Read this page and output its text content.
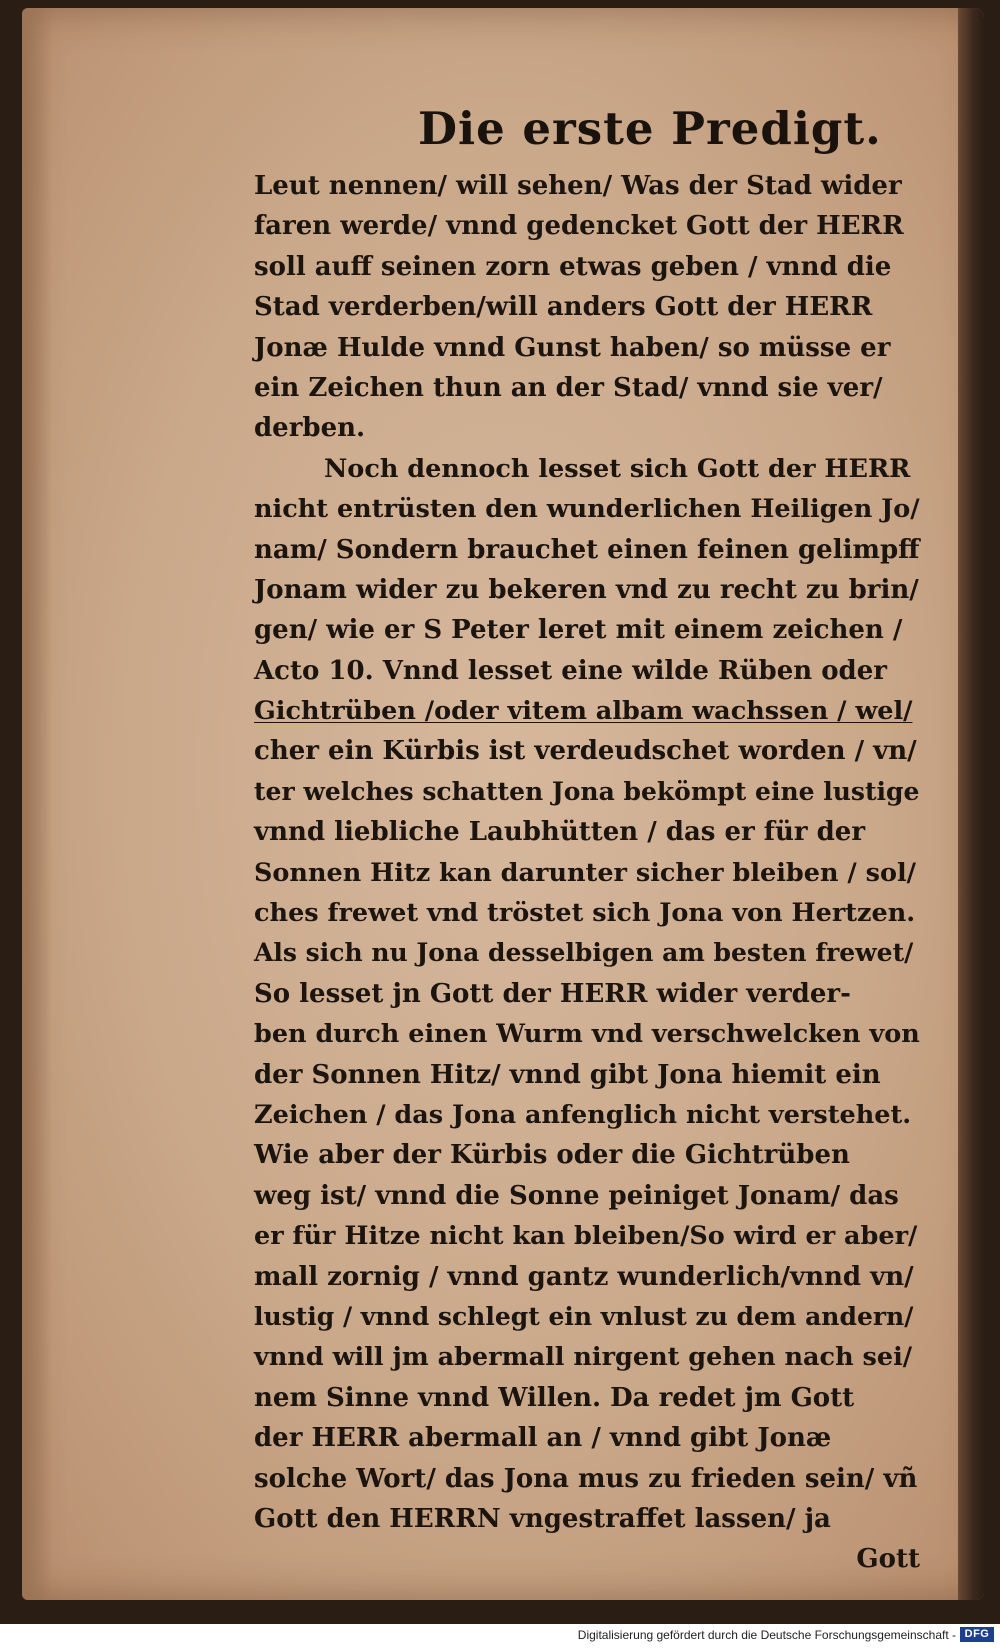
Die erste Predigt.
Leut nennen/ will sehen/ Was der Stad wider
faren werde/ vnnd gedencket Gott der HERR
soll auff seinen zorn etwas geben / vnnd die
Stad verderben/will anders Gott der HERR
Jonæ Hulde vnnd Gunst haben/ so müsse er
ein Zeichen thun an der Stad/ vnnd sie ver/
derben.
Noch dennoch lesset sich Gott der HERR
nicht entrüsten den wunderlichen Heiligen Jo/
nam/ Sondern brauchet einen feinen gelimpff
Jonam wider zu bekeren vnd zu recht zu brin/
gen/ wie er S Peter leret mit einem zeichen /
Acto 10. Vnnd lesset eine wilde Rüben oder
Gichtrüben /oder vitem albam wachssen / wel/
cher ein Kürbis ist verdeudschet worden / vn/
ter welches schatten Jona bekömpt eine lustige
vnnd liebliche Laubhütten / das er für der
Sonnen Hitz kan darunter sicher bleiben / sol/
ches frewet vnd tröstet sich Jona von Hertzen.
Als sich nu Jona desselbigen am besten frewet/
So lesset jn Gott der HERR wider verder-
ben durch einen Wurm vnd verschwelcken von
der Sonnen Hitz/ vnnd gibt Jona hiemit ein
Zeichen / das Jona anfenglich nicht verstehet.
Wie aber der Kürbis oder die Gichtrüben
weg ist/ vnnd die Sonne peiniget Jonam/ das
er für Hitze nicht kan bleiben/So wird er aber/
mall zornig / vnnd gantz wunderlich/vnnd vn/
lustig / vnnd schlegt ein vnlust zu dem andern/
vnnd will jm abermall nirgent gehen nach sei/
nem Sinne vnnd Willen. Da redet jm Gott
der HERR abermall an / vnnd gibt Jonæ
solche Wort/ das Jona mus zu frieden sein/ vñ
Gott den HERRN vngestraffet lassen/ ja
Gott
Digitalisierung gefördert durch die Deutsche Forschungsgemeinschaft - DFG
